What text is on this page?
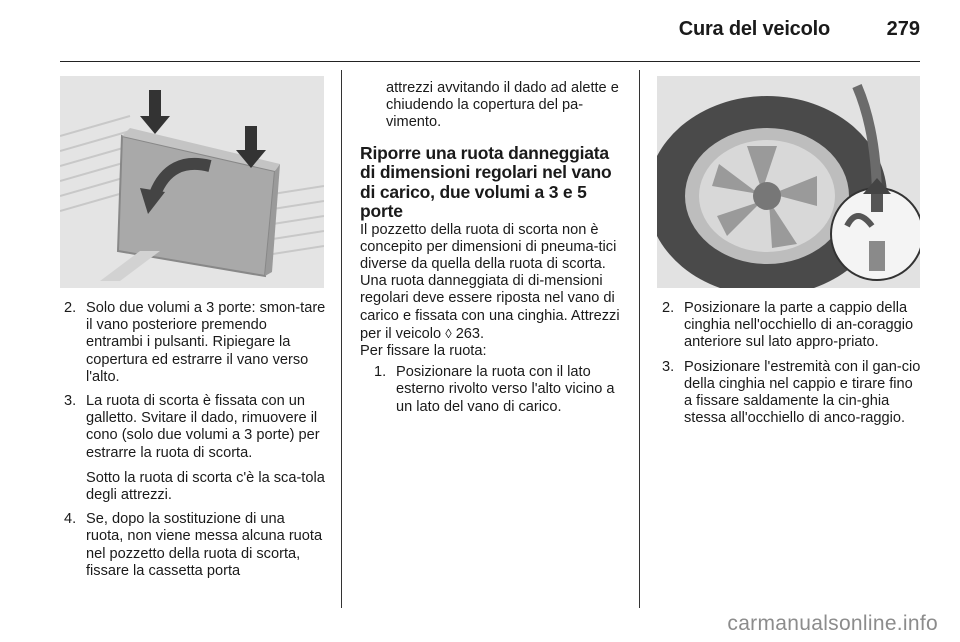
Cura del veicolo	279
2. Solo due volumi a 3 porte: smon-tare il vano posteriore premendo entrambi i pulsanti. Ripiegare la copertura ed estrarre il vano verso l'alto.
3. La ruota di scorta è fissata con un galletto. Svitare il dado, rimuovere il cono (solo due volumi a 3 porte) per estrarre la ruota di scorta.
Sotto la ruota di scorta c'è la sca-tola degli attrezzi.
4. Se, dopo la sostituzione di una ruota, non viene messa alcuna ruota nel pozzetto della ruota di scorta, fissare la cassetta porta

attrezzi avvitando il dado ad alette e chiudendo la copertura del pa-vimento.

Riporre una ruota danneggiata di dimensioni regolari nel vano di carico, due volumi a 3 e 5 porte

Il pozzetto della ruota di scorta non è concepito per dimensioni di pneuma-tici diverse da quella della ruota di scorta. Una ruota danneggiata di di-mensioni regolari deve essere riposta nel vano di carico e fissata con una cinghia. Attrezzi per il veicolo ◊ 263.

Per fissare la ruota:

1. Posizionare la ruota con il lato esterno rivolto verso l'alto vicino a un lato del vano di carico.
2. Posizionare la parte a cappio della cinghia nell'occhiello di an-coraggio anteriore sul lato appro-priato.
3. Posizionare l'estremità con il gan-cio della cinghia nel cappio e tirare fino a fissare saldamente la cin-ghia stessa all'occhiello di anco-raggio.
carmanualsonline.info
